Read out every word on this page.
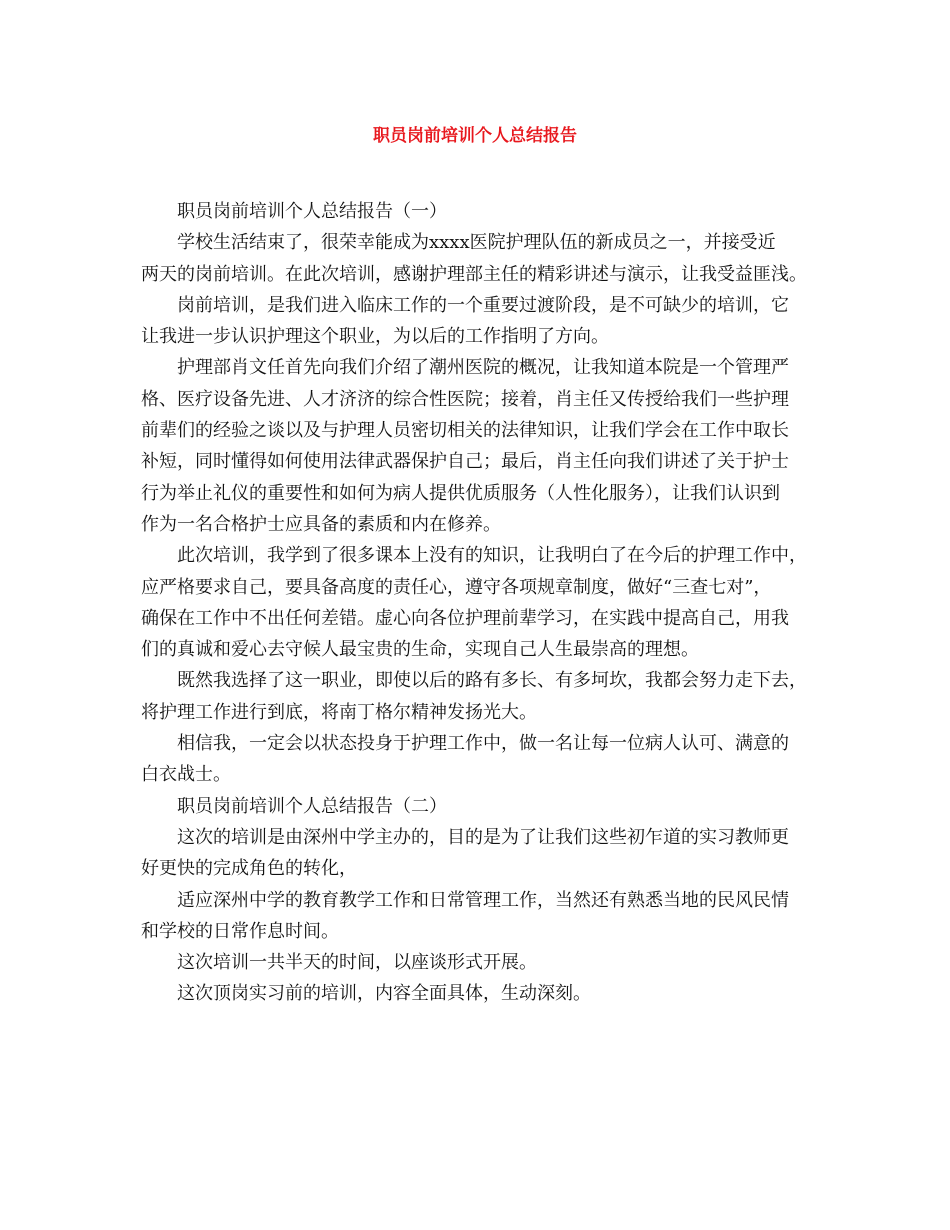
职员岗前培训个人总结报告
职员岗前培训个人总结报告（一）
学校生活结束了，很荣幸能成为xxxx医院护理队伍的新成员之一，并接受近
两天的岗前培训。在此次培训，感谢护理部主任的精彩讲述与演示，让我受益匪浅。
岗前培训，是我们进入临床工作的一个重要过渡阶段，是不可缺少的培训，它
让我进一步认识护理这个职业，为以后的工作指明了方向。
护理部肖文任首先向我们介绍了潮州医院的概况，让我知道本院是一个管理严
格、医疗设备先进、人才济济的综合性医院；接着，肖主任又传授给我们一些护理
前辈们的经验之谈以及与护理人员密切相关的法律知识，让我们学会在工作中取长
补短，同时懂得如何使用法律武器保护自己；最后，肖主任向我们讲述了关于护士
行为举止礼仪的重要性和如何为病人提供优质服务（人性化服务），让我们认识到
作为一名合格护士应具备的素质和内在修养。
此次培训，我学到了很多课本上没有的知识，让我明白了在今后的护理工作中，
应严格要求自己，要具备高度的责任心，遵守各项规章制度，做好“三查七对”，
确保在工作中不出任何差错。虚心向各位护理前辈学习，在实践中提高自己，用我
们的真诚和爱心去守候人最宝贵的生命，实现自己人生最崇高的理想。
既然我选择了这一职业，即使以后的路有多长、有多坷坎，我都会努力走下去，
将护理工作进行到底，将南丁格尔精神发扬光大。
相信我，一定会以状态投身于护理工作中，做一名让每一位病人认可、满意的
白衣战士。
职员岗前培训个人总结报告（二）
这次的培训是由深州中学主办的，目的是为了让我们这些初乍道的实习教师更
好更快的完成角色的转化，
适应深州中学的教育教学工作和日常管理工作，当然还有熟悉当地的民风民情
和学校的日常作息时间。
这次培训一共半天的时间，以座谈形式开展。
这次顶岗实习前的培训，内容全面具体，生动深刻。
